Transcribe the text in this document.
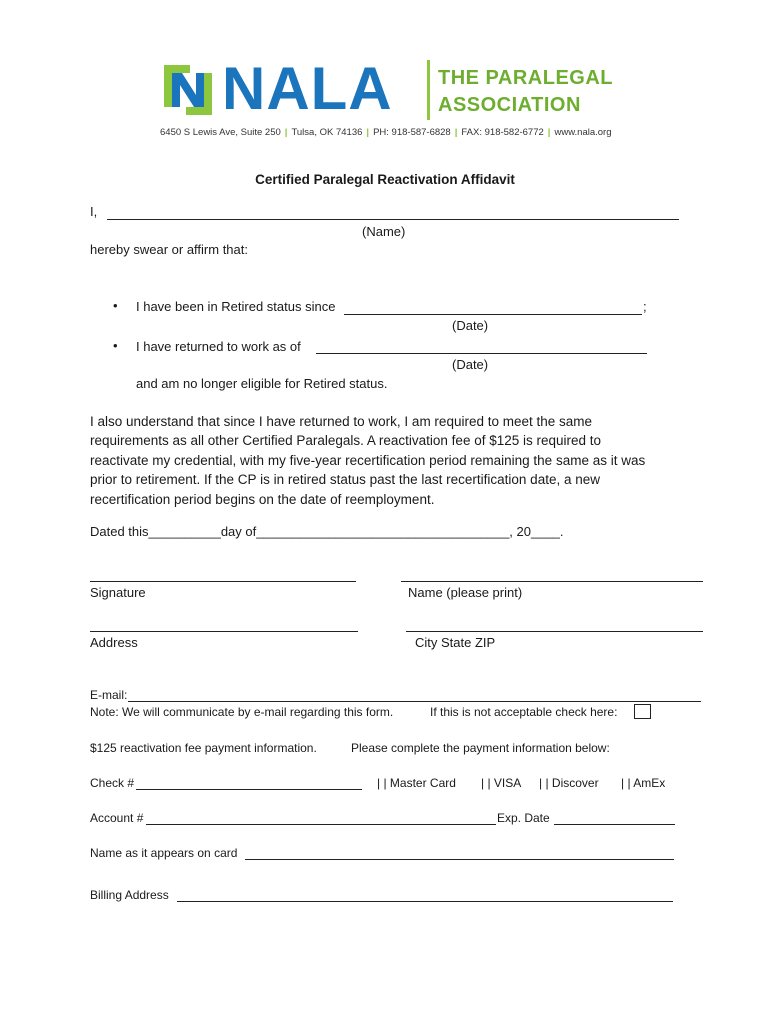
NALA THE PARALEGAL
ASSOCIATION
6450 S Lewis Ave, Suite 250 | Tulsa, OK 74136 | PH: 918-587-6828 | FAX: 918-582-6772 | www.nala.org
Certified Paralegal Reactivation Affidavit
I,
(Name)
hereby swear or affirm that:
• I have been in Retired status since	;
(Date)
• I have returned to work as of
(Date)
and am no longer eligible for Retired status.
I also understand that since I have returned to work, I am required to meet the same
requirements as all other Certified Paralegals. A reactivation fee of $125 is required to
reactivate my credential, with my five-year recertification period remaining the same as it was
prior to retirement. If the CP is in retired status past the last recertification date, a new
recertification period begins on the date of reemployment.
Dated this__________day of___________________________________, 20____.
Signature	Name (please print)
Address	City State ZIP
E-mail:
Note: We will communicate by e-mail regarding this form.	If this is not acceptable check here:
$125 reactivation fee payment information.	Please complete the payment information below:
Check #	| | Master Card | | VISA | | Discover | | AmEx
Account #	Exp. Date
Name as it appears on card
Billing Address
